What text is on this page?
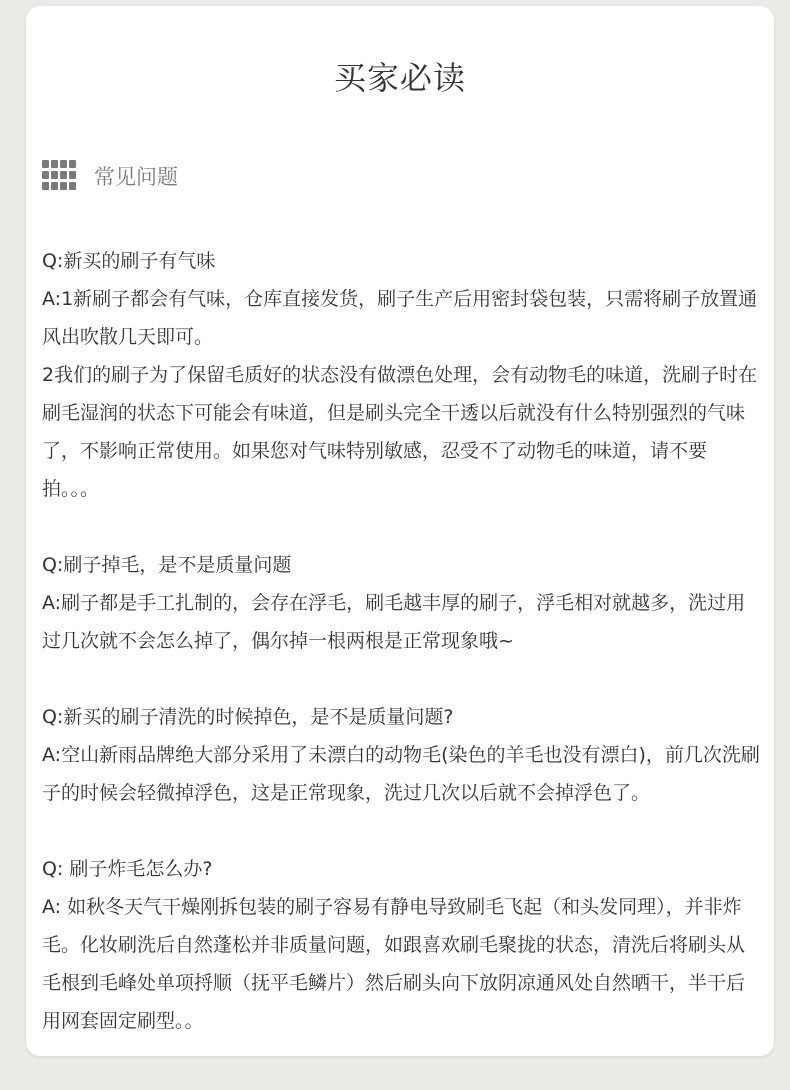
买家必读
常见问题

Q:新买的刷子有气味

A:1新刷子都会有气味，仓库直接发货，刷子生产后用密封袋包装，只需将刷子放置通风出吹散几天即可。

2我们的刷子为了保留毛质好的状态没有做漂色处理，会有动物毛的味道，洗刷子时在刷毛湿润的状态下可能会有味道，但是刷头完全干透以后就没有什么特别强烈的气味了，不影响正常使用。如果您对气味特别敏感，忍受不了动物毛的味道，请不要拍。。。

Q:刷子掉毛，是不是质量问题

A:刷子都是手工扎制的，会存在浮毛，刷毛越丰厚的刷子，浮毛相对就越多，洗过用过几次就不会怎么掉了，偶尔掉一根两根是正常现象哦~

Q:新买的刷子清洗的时候掉色，是不是质量问题?

A:空山新雨品牌绝大部分采用了未漂白的动物毛(染色的羊毛也没有漂白)，前几次洗刷子的时候会轻微掉浮色，这是正常现象，洗过几次以后就不会掉浮色了。

Q: 刷子炸毛怎么办?

A: 如秋冬天气干燥刚拆包装的刷子容易有静电导致刷毛飞起（和头发同理），并非炸毛。化妆刷洗后自然蓬松并非质量问题，如跟喜欢刷毛聚拢的状态，清洗后将刷头从毛根到毛峰处单项捋顺（抚平毛鳞片）然后刷头向下放阴凉通风处自然晒干，半干后用网套固定刷型。。
